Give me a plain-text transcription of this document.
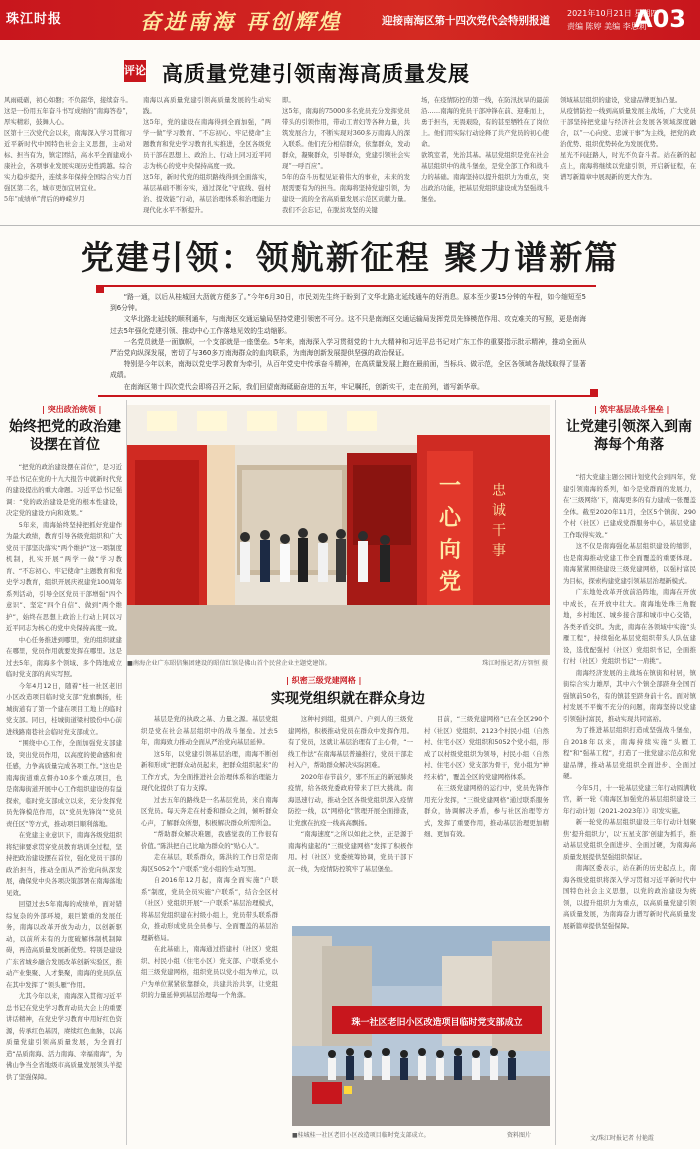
珠江时报	奋进南海 再创辉煌	迎接南海区第十四次党代会特别报道
2021年10月21日 星期四
责编 陈婷 美编 李思莉
A03
评论 高质量党建引领南海高质量发展
风雨砥砺，初心如磐；不负韶华，接续奋斗。
这是一份用五年奋斗书写成绩的“南海答卷”，厚实精彩，鼓舞人心。
区第十三次党代会以来，南海深入学习贯彻习近平新时代中国特色社会主义思想，主动对标、担当有为，镇定团结，高水平全面建成小康社会，各项事业发展实现历史性跨越。综合实力稳步提升，连续多年保持全国综合实力百强区第二名，城市更加宜居宜业。
5年“成绩单”背后的峥嵘岁月
南海以高质量党建引领高质量发展的生动实践。
这5年，党的建设在南海得到全面加强，“两学一做”学习教育、“不忘初心、牢记使命”主题教育和党史学习教育扎实推进，全区各级党员干部在思想上、政治上、行动上同习近平同志为核心的党中央保持高度一致。
这5年，新时代党的组织路线得到全面落实，基层基础不断夯实，通过深化“守底线、强村治、提效能”行动，基层治理体系和治理能力现代化水平不断提升。
即。
这5年，南海的75000多名党员充分发挥党员带头的引领作用，带动工青妇等各种力量，共筑发展合力，不断实现对360多万南海人的深入联系。他们充分相信群众，依靠群众，发动群众，凝聚群众，引导群众，党建引领社会实现“一呼百应”。
5年的奋斗历程见证着伟大的事业，未来的发展需要有为的担当。南海将坚持党建引领，为建设一流的全省高质量发展示范区贡献力量。
我们不会忘记，在脱贫攻坚的关键
场，在疫情防控的第一线，在防汛抗旱的最前沿……南海的党员干部冲锋在前、迎难而上，勇于担当，无畏艰险，有的甚至牺牲在了岗位上。他们用实际行动诠释了共产党员的初心使命。
欲筑室者，先治其基。基层党组织是党在社会基层组织中的战斗堡垒，是党全部工作和战斗力的基础。南海坚持以提升组织力为重点，突出政治功能，把基层党组织建设成为坚强战斗堡垒。
领域基层组织的建设，党建品牌更加凸显。
从疫情防控一线到高质量发展主战场，广大党员干部坚持把党建与经济社会发展各领域深度融合，以“一心向党、忠诚干事”为主线，把党的政治优势、组织优势转化为发展优势。
星光不问赶路人，时光不负奋斗者。站在新的起点上，南海将继续以党建引领，开启新征程，在谱写新篇章中展现新的更大作为。
党建引领：领航新征程 聚力谱新篇

“路一通，以后从桂城回大沥就方便多了。”今年6月30日，市民刘先生终于盼到了文华北路北延线通车的好消息。原本至少要15分钟的车程，如今缩短至5到6分钟。

文华北路北延线的顺利通车，与南海区交通运输局坚持党建引领密不可分。这不只是南海区交通运输局发挥党员先锋模范作用、攻克难关的写照，更是南海过去5年强化党建引领、推动中心工作落地见效的生动缩影。

一名党员就是一面旗帜，一个支部就是一座堡垒。5年来，南海深入学习贯彻党的十九大精神和习近平总书记对广东工作的重要指示批示精神，推动全面从严治党向纵深发展，密切了与360多万南海群众的血肉联系，为南海创新发展提供坚强的政治保证。

特别是今年以来，南海以党史学习教育为牵引，从百年党史中传承奋斗精神，在高质量发展上跑在最前面，当标兵、做示范，全区各领域各战线取得了显著成绩。

在南海区第十四次党代会即将召开之际，我们回望南海砥砺奋进的五年，牢记嘱托，创新实干，走在前列，谱写新华章。

| 突出政治统领 |
始终把党的政治建设摆在首位

“把党的政治建设摆在首位”，是习近平总书记在党的十九大报告中就新时代党的建设提出的重大命题。习近平总书记强调：“党的政治建设是党的根本性建设，决定党的建设方向和效果。”

5年来，南海始终坚持把抓好党建作为最大政绩，教育引导各级党组织和广大党员干部坚决落实“两个维护”这一项制度机制，扎实开展“两学一做”学习教育、“不忘初心、牢记使命”主题教育和党史学习教育，组织开展庆祝建党100周年系列活动，引导全区党员干部增强“四个意识”、坚定“四个自信”、做到“两个维护”，始终在思想上政治上行动上同以习近平同志为核心的党中央保持高度一致。

中心任务推进到哪里，党的组织就建在哪里，党员作用就要发挥在哪里。这是过去5年，南海多个领域、多个阵地成立临时党支部的真实写照。

今年4月12日，随着“桂一社区老旧小区改造项目临时党支部”党旗飘扬，桂城街道有了第一个建在项目工地上的临时党支部。同日，桂城街道梁村股份中心前进线路南巷社会临时党支部成立。

“围绕中心工作，全面加强党支部建设，突出党员作用，以高度的使命感和责任感，力争高质量完成各项工作。”这也是南海街道重点督办10多个重点项目，也是南海街道开展中心工作组织建设的有益探索，临时党支部成立以来，充分发挥党员先锋模范作用，以“党员先锋岗”“党员责任区”等方式，推动项目顺利落地。

在党建主业意识下，南海各级党组织将纪律要求贯穿党员教育培训全过程，坚持把政治建设摆在首位，强化党员干部的政治担当，推动全面从严治党向纵深发展，确保党中央各项决策部署在南海落地见效。

回望过去5年南海的成绩单，面对错综复杂的外部环境，艰巨繁重的发展任务，南海以改革开放为动力，以创新驱动，以前所未有的力度破解体制机制障碍，再造高质量发展新优势。特别是建设广东省城乡融合发展改革创新实验区，推动产业集聚、人才集聚，南海的党员队伍在其中发挥了“领头雁”作用。

尤其今年以来，南海深入贯彻习近平总书记在党史学习教育动员大会上的重要讲话精神，在党史学习教育中用好红色资源，传承红色基因，赓续红色血脉，以高质量党建引领高质量发展，为全面打造“品质南海、活力南海、幸福南海”，为佛山争当全省地级市高质量发展领头羊提供了坚强保障。

一
心
向
党
忠
诚
干
事
■南海企业广东昭信集团建设的昭信红馆是佛山首个民营企业主题党建馆。	珠江时报记者/方智恒 摄
| 织密三级党建网格 |
实现党组织就在群众身边

基层是党的执政之基、力量之源。基层党组织是党在社会基层组织中的战斗堡垒。过去5年，南海致力推动全面从严治党向基层延伸。

这5年，以党建引领基层治理，南海不断创新和形成“把群众动员起来，把群众组织起来”的工作方式，为全面推进社会治理体系和治理能力现代化提供了有力支撑。

过去五年的路线是一名基层党员，来自南海区党员。每天奔走在村委和群众之间，倾听群众心声，了解群众所想，积极解决群众所需所急。

“帮助群众解决难题，我感觉我的工作很有价值。”陈洪把自己比喻为群众的“贴心人”。

走在基层，联系群众，陈洪的工作日常是南海区5052个“户联系”党小组的生动写照。

自2016年12月起，南海全面实施“户联系”制度，党员全员实施“户联系”，结合全区村（社区）党组织开展“一户联系”基层治理模式，将基层党组织建在村级小组上，党员带头联系群众，推动形成党员全员参与、全面覆盖的基层治理新格局。

在此基础上，南海通过搭建村（社区）党组织、村民小组（住宅小区）党支部、户联系党小组三级党建网格，组织党员以党小组为单元，以户为单位紧紧依靠群众，共建共治共享，让党组织的力量延伸到基层治理每一个角落。

这种村到组，组到户、户到人的三级党建网格，积极推动党员在群众中发挥作用。有了党员，这就让基层治理有了主心骨，“一线工作法”在南海基层普遍推行，党员干部走村入户，帮助群众解决实际困难。

2020年春节前夕，邪不压正的新冠肺炎疫情，给各级党委政府带来了巨大挑战。南海迅速行动，推动全区各级党组织深入疫情防控一线，以“网格化”管理开展全面排查，让党旗在抗疫一线高高飘扬。

“南海速度”之所以如此之快，正是源于南海构建起的“三级党建网格”发挥了积极作用。村（社区）党委统筹协调，党员干部下沉一线，为疫情防控筑牢了基层堡垒。

目前，“三级党建网格”已在全区290个村（社区）党组织、2123个村民小组（自然村、住宅小区）党组织和5052个党小组，形成了以村级党组织为领导，村民小组（自然村、住宅小区）党支部为骨干，党小组为“神经末梢”，覆盖全区的党建网格体系。

在三级党建网格的运行中，党员先锋作用充分发挥，“三级党建网格”通过联系服务群众，协调解决矛盾，参与社区治理等方式，发挥了重要作用，推动基层治理更加精细、更加有效。

珠一社区老旧小区改造项目临时党支部成立
■桂城桂一社区老旧小区改造项目临时党支部成立。	资料图片
| 筑牢基层战斗堡垒 |
让党建引领深入到南海每个角落

“招大党建主题公园计划党代会到四年，党建引领南海的系列，如今是党群面的发展力，在‘三级网络’下，南海更多的有力建成一张覆盖全体。截至2020年11月，全区5个镇街、290个村（社区）已建成党群服务中心，基层党建工作取得实效。”

这不仅是南海强化基层组织建设的缩影，也是南海推动党建工作全面覆盖的重要体现。南海紧紧围绕建设三级党建网格，以强村富民为目标，探索构建党建引领基层治理新模式。

广东地处改革开放前沿阵地，南海在开放中成长，在开放中壮大。南海地处珠三角腹地，乡村地区、城乡接合部和城市中心交错，各类矛盾交织。为此，南海在各领域中实施“头雁工程”，持续强化基层党组织带头人队伍建设，选优配强村（社区）党组织书记，全面推行村（社区）党组织书记“一肩挑”。

南海经济发展的主战场在镇街和村居，镇街综合实力雄厚，其中六个镇全部跻身全国百强镇前50名，有的镇甚至跻身前十名。面对镇村发展不平衡不充分的问题，南海坚持以党建引领强村富民，推动实现共同富裕。

为了推进基层组织打造成坚强战斗堡垒，自2018年以来，南海持续实施“头雁工程”和“强基工程”，打造了一批党建示范点和党建品牌，推动基层党组织全面进步、全面过硬。

今年5月，十一轮基层党建三年行动圆满收官，新一轮《南海区加强党的基层组织建设三年行动计划（2021-2023年）》印发实施。

新一轮党的基层组织建设三年行动计划聚焦‘提升组织力’，以‘五星支部’创建为抓手，推动基层党组织全面进步、全面过硬，为南海高质量发展提供坚强组织保证。

南海区委表示，站在新的历史起点上，南海各级党组织将深入学习贯彻习近平新时代中国特色社会主义思想，以党的政治建设为统领，以提升组织力为重点，以高质量党建引领高质量发展，为南海奋力谱写新时代高质量发展新篇章提供坚强保障。

文/珠江时报记者 付艳霞
